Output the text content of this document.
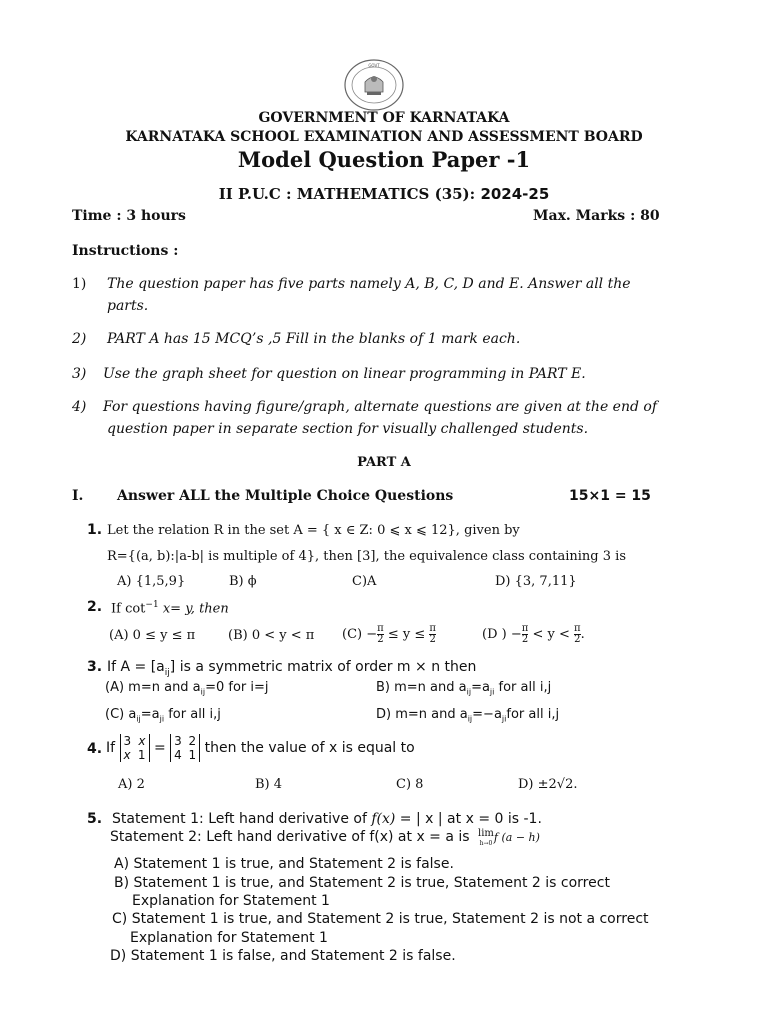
GOVT
GOVERNMENT OF KARNATAKA
KARNATAKA SCHOOL EXAMINATION AND ASSESSMENT BOARD
Model Question Paper -1
II P.U.C : MATHEMATICS (35): 2024-25
Time : 3 hours	Max. Marks : 80
Instructions :
1) The question paper has five parts namely A, B, C, D and E. Answer all the
parts.
2) PART A has 15 MCQ’s ,5 Fill in the blanks of 1 mark each.
3) Use the graph sheet for question on linear programming in PART E.
4) For questions having figure/graph, alternate questions are given at the end of
question paper in separate section for visually challenged students.
PART A
I. Answer ALL the Multiple Choice Questions	15×1 = 15
1. Let the relation R in the set A = { x ∈ Z: 0 ⩽ x ⩽ 12}, given by
R={(a, b):|a-b| is multiple of 4}, then [3], the equivalence class containing 3 is
A) {1,5,9}	B) ϕ	C)A	D) {3, 7,11}
2. If $\cot^{-1} x= y$, then
(A) 0 ≤ y ≤ π	(B) 0 < y < π $(C) - \frac{\pi}{2} \le y \le \frac{\pi}{2}$	(D ) − $\frac{\pi}{2} < y < \frac{\pi}{2}$ .
3. If $A = [a_{ij}]$ is a symmetric matrix of order m × n then
(A) m=n and $a_{ij}=0$ for i=j	B) m=n and $a_{ij}=a_{ji}$ for all i,j
(C) $a_{ij}=a_{ji}$ for all i,j	D) m=n and $a_{ij}=-a_{ji}for$ all i,j
4. If 3 x
x 1 = 3 2
4 1 then the value of x is equal to
A) 2	B) 4	C) 8	D) ±2√2.
5. Statement 1: Left hand derivative of f(x) = | x | at x = 0 is -1.
Statement 2: Left hand derivative of f(x) at x = a is lim
h→0 f (a − h)
A) Statement 1 is true, and Statement 2 is false.
B) Statement 1 is true, and Statement 2 is true, Statement 2 is correct
Explanation for Statement 1
C) Statement 1 is true, and Statement 2 is true, Statement 2 is not a correct
Explanation for Statement 1
D) Statement 1 is false, and Statement 2 is false.
